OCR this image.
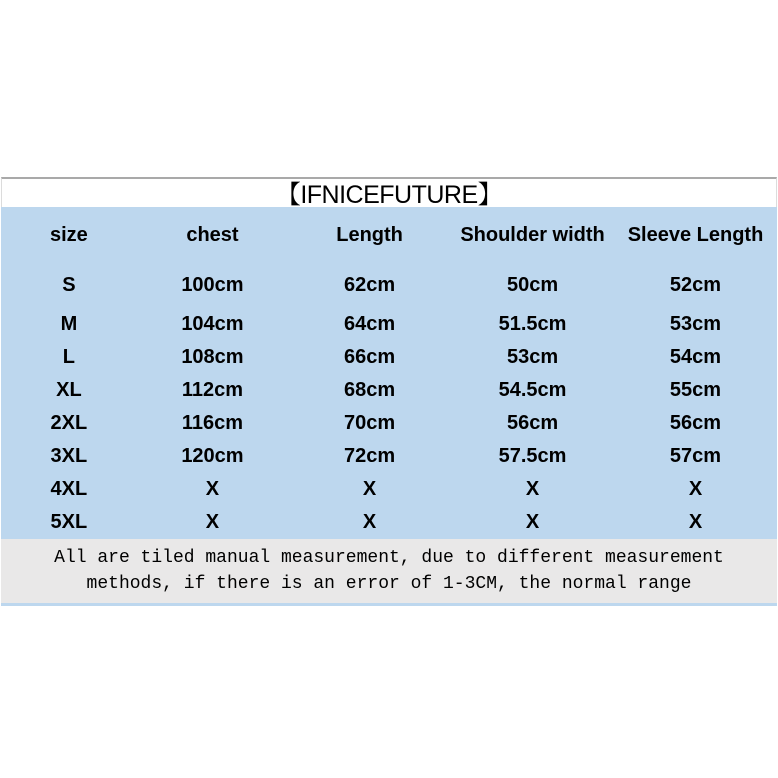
【IFNICEFUTURE】
size	chest	Length	Shoulder width	Sleeve Length
S	100cm	62cm	50cm	52cm
M	104cm	64cm	51.5cm	53cm
L	108cm	66cm	53cm	54cm
XL	112cm	68cm	54.5cm	55cm
2XL	116cm	70cm	56cm	56cm
3XL	120cm	72cm	57.5cm	57cm
4XL	X	X	X	X
5XL	X	X	X	X
All are tiled manual measurement, due to different measurement
methods, if there is an error of 1-3CM, the normal range
